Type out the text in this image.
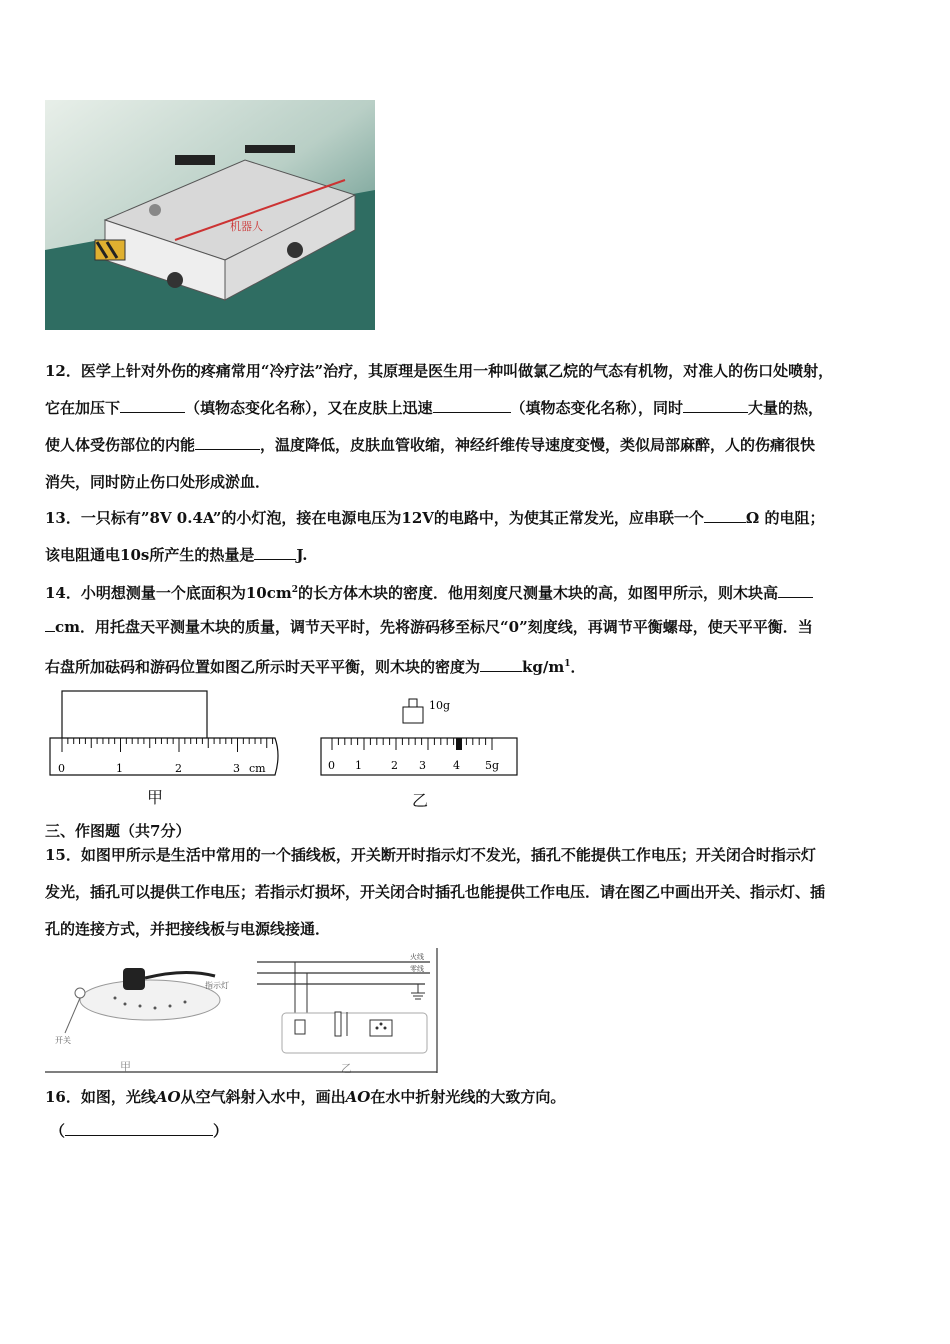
机器人
12．医学上针对外伤的疼痛常用“冷疗法”治疗，其原理是医生用一种叫做氯乙烷的气态有机物，对准人的伤口处喷射，
它在加压下	（填物态变化名称），又在皮肤上迅速	（填物态变化名称），同时	大量的热，
使人体受伤部位的内能	，温度降低，皮肤血管收缩，神经纤维传导速度变慢，类似局部麻醉，人的伤痛很快
消失，同时防止伤口处形成淤血．
13．一只标有”8V 0.4A”的小灯泡，接在电源电压为12V的电路中，为使其正常发光，应串联一个	Ω 的电阻；
该电阻通电10s所产生的热量是	J.
14．小明想测量一个底面积为$10cm^2$的长方体木块的密度．他用刻度尺测量木块的高，如图甲所示，则木块高
cm．用托盘天平测量木块的质量，调节天平时，先将游码移至标尺“0”刻度线，再调节平衡螺母，使天平平衡．当
右盘所加砝码和游码位置如图乙所示时天平平衡，则木块的密度为	$kg/m^1$．
0	1	2	3 cm
10g
0 1	2 3 4 5g
甲	乙
三、作图题（共7分）
15．如图甲所示是生活中常用的一个插线板，开关断开时指示灯不发光，插孔不能提供工作电压；开关闭合时指示灯
发光，插孔可以提供工作电压；若指示灯损坏，开关闭合时插孔也能提供工作电压．请在图乙中画出开关、指示灯、插
孔的连接方式，并把接线板与电源线接通．
指示灯
开关
甲
火线
零线
乙
16．如图，光线AO从空气斜射入水中，画出AO在水中折射光线的大致方向。
（	）
